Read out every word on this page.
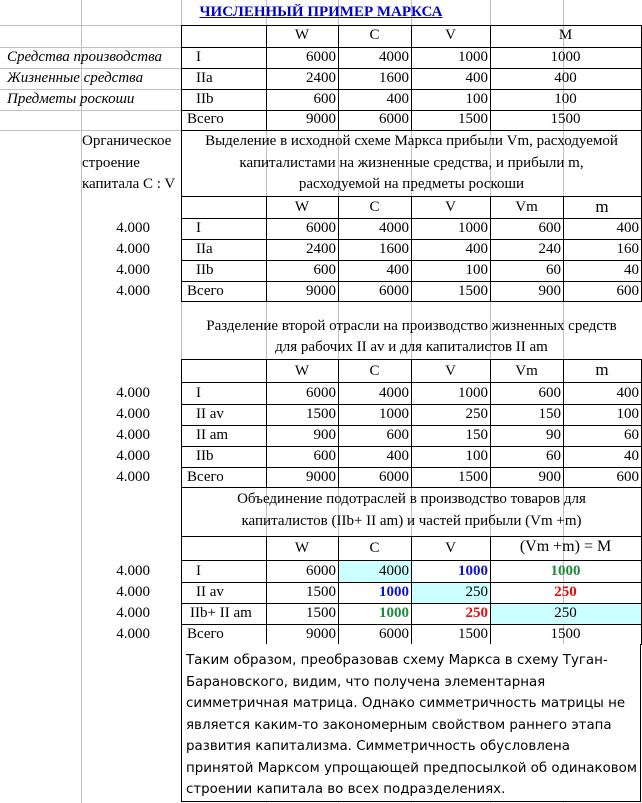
ЧИСЛЕННЫЙ ПРИМЕР МАРКСА
W	C	V	M
Средства производства	I	6000	4000	1000	1000
Жизненные средства	IIa	2400	1600	400	400
Предметы роскоши	IIb	600	400	100	100
Всего	9000	6000	1500	1500
Органическое
строение
капитала C : V
Выделение в исходной схеме Маркса прибыли Vm, расходуемой
капиталистами на жизненные средства, и прибыли m,
расходуемой на предметы роскоши
W	C	V	Vm	m
4.000	I	6000	4000	1000	600	400
4.000	IIa	2400	1600	400	240	160
4.000	IIb	600	400	100	60	40
4.000	Всего	9000	6000	1500	900	600
Разделение второй отрасли на производство жизненных средств
для рабочих II av и для капиталистов II am
W	C	V	Vm	m
4.000	I	6000	4000	1000	600	400
4.000	II av	1500	1000	250	150	100
4.000	II am	900	600	150	90	60
4.000	IIb	600	400	100	60	40
4.000	Всего	9000	6000	1500	900	600
Объединение подотраслей в производство товаров для
капиталистов (IIb+ II am) и частей прибыли (Vm +m)
W	C	V	(Vm +m) = M
4.000	I	6000	4000	1000	1000
4.000	II av	1500	1000	250	250
4.000	IIb+ II am	1500	1000	250	250
4.000	Всего	9000	6000	1500	1500
Таким образом, преобразовав схему Маркса в схему Туган-Барановского, видим, что получена элементарная симметричная матрица. Однако симметричность матрицы не является каким-то закономерным свойством раннего этапа развития капитализма. Симметричность обусловлена принятой Марксом упрощающей предпосылкой об одинаковом строении капитала во всех подразделениях.
